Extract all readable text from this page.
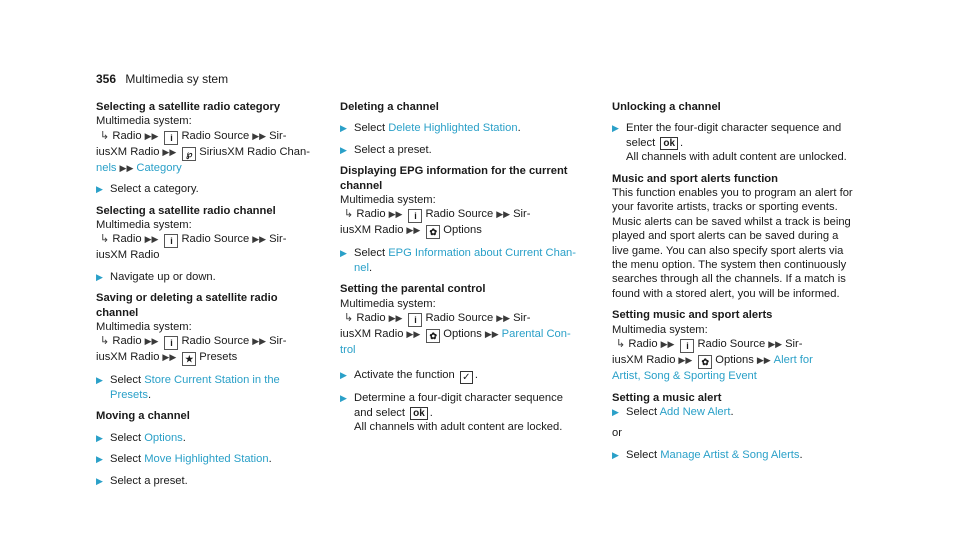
356 Multimedia sy stem
Selecting a satellite radio category
Multimedia system:
↳ Radio ▶▶ i Radio Source ▶▶ Sir-
iusXM Radio ▶▶ ℘ SiriusXM Radio Chan-
nels ▶▶ Category
▶ Select a category.
Selecting a satellite radio channel
Multimedia system:
↳ Radio ▶▶ i Radio Source ▶▶ Sir-
iusXM Radio
▶ Navigate up or down.
Saving or deleting a satellite radio channel
Multimedia system:
↳ Radio ▶▶ i Radio Source ▶▶ Sir-
iusXM Radio ▶▶ ★ Presets
▶ Select Store Current Station in the Presets.
Moving a channel
▶ Select Options.
▶ Select Move Highlighted Station.
▶ Select a preset.
Deleting a channel
▶ Select Delete Highlighted Station.
▶ Select a preset.
Displaying EPG information for the current
channel
Multimedia system:
↳ Radio ▶▶ i Radio Source ▶▶ Sir-
iusXM Radio ▶▶ ✿ Options
▶ Select EPG Information about Current Chan-
nel.
Setting the parental control
Multimedia system:
↳ Radio ▶▶ i Radio Source ▶▶ Sir-
iusXM Radio ▶▶ ✿ Options ▶▶ Parental Con-
trol
▶ Activate the function ✓ .
▶ Determine a four-digit character sequence
and select ok .
All channels with adult content are locked.
Unlocking a channel
▶ Enter the four-digit character sequence and
select ok .
All channels with adult content are unlocked.
Music and sport alerts function
This function enables you to program an alert for
your favorite artists, tracks or sporting events.
Music alerts can be saved whilst a track is being
played and sport alerts can be saved during a
live game. You can also specify sport alerts via
the menu option. The system then continuously
searches through all the channels. If a match is
found with a stored alert, you will be informed.
Setting music and sport alerts
Multimedia system:
↳ Radio ▶▶ i Radio Source ▶▶ Sir-
iusXM Radio ▶▶ ✿ Options ▶▶ Alert for
Artist, Song & Sporting Event
Setting a music alert
▶ Select Add New Alert.
or
▶ Select Manage Artist & Song Alerts.
